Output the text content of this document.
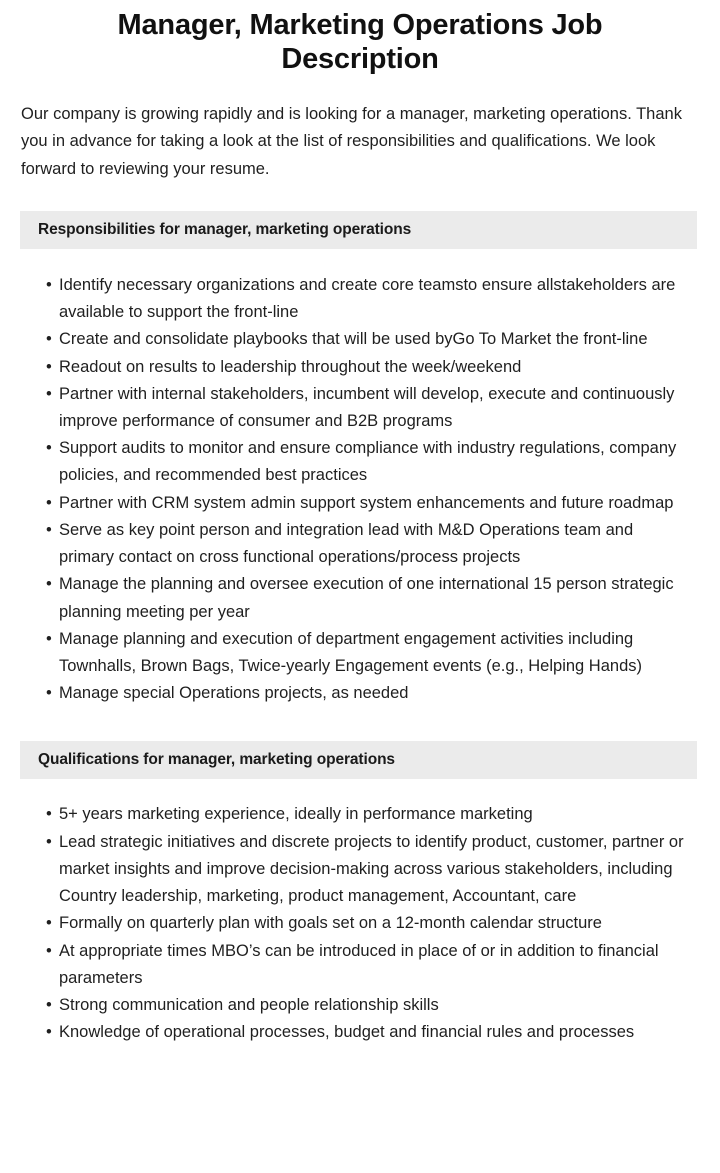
Manager, Marketing Operations Job Description

Our company is growing rapidly and is looking for a manager, marketing operations. Thank you in advance for taking a look at the list of responsibilities and qualifications. We look forward to reviewing your resume.

Responsibilities for manager, marketing operations
• Identify necessary organizations and create core teamsto ensure allstakeholders are available to support the front-line
• Create and consolidate playbooks that will be used byGo To Market the front-line
• Readout on results to leadership throughout the week/weekend
• Partner with internal stakeholders, incumbent will develop, execute and continuously improve performance of consumer and B2B programs
• Support audits to monitor and ensure compliance with industry regulations, company policies, and recommended best practices
• Partner with CRM system admin support system enhancements and future roadmap
• Serve as key point person and integration lead with M&D Operations team and primary contact on cross functional operations/process projects
• Manage the planning and oversee execution of one international 15 person strategic planning meeting per year
• Manage planning and execution of department engagement activities including Townhalls, Brown Bags, Twice-yearly Engagement events (e.g., Helping Hands)
• Manage special Operations projects, as needed
Qualifications for manager, marketing operations
• 5+ years marketing experience, ideally in performance marketing
• Lead strategic initiatives and discrete projects to identify product, customer, partner or market insights and improve decision-making across various stakeholders, including Country leadership, marketing, product management, Accountant, care
• Formally on quarterly plan with goals set on a 12-month calendar structure
• At appropriate times MBO’s can be introduced in place of or in addition to financial parameters
• Strong communication and people relationship skills
• Knowledge of operational processes, budget and financial rules and processes
